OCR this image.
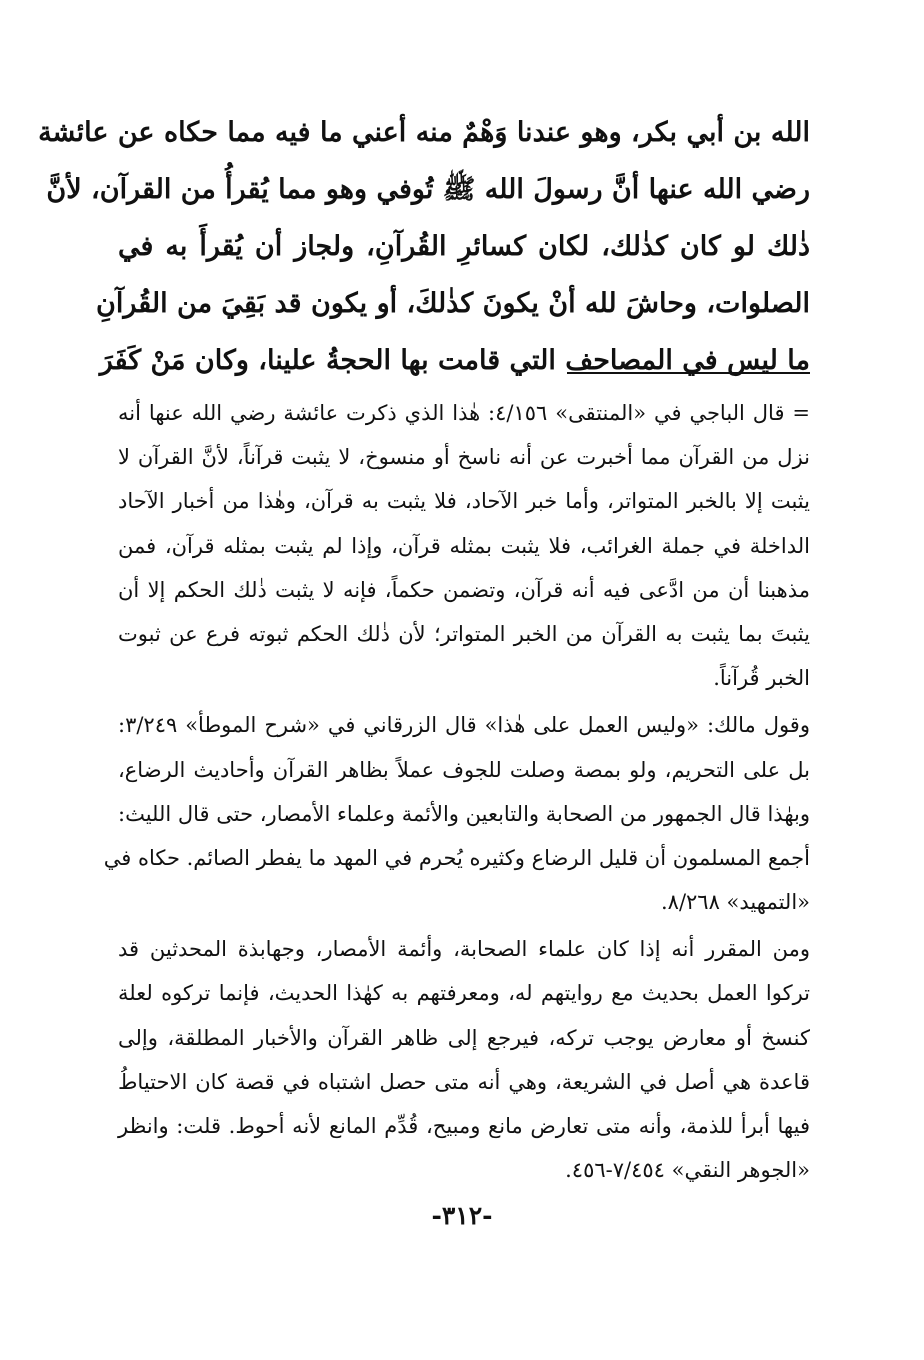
الله بن أبي بكر، وهو عندنا وَهْمٌ منه أعني ما فيه مما حكاه عن عائشة
رضي الله عنها أنَّ رسولَ الله ﷺ تُوفي وهو مما يُقرأُ من القرآن، لأنَّ
ذٰلك لو كان كذٰلك، لكان كسائرِ القُرآنِ، ولجاز أن يُقرأَ به في
الصلوات، وحاشَ لله أنْ يكونَ كذٰلكَ، أو يكون قد بَقِيَ من القُرآنِ
ما ليس في المصاحف التي قامت بها الحجةُ علينا، وكان مَنْ كَفَرَ
= قال الباجي في «المنتقى» ٤/١٥٦: هٰذا الذي ذكرت عائشة رضي الله عنها أنه
نزل من القرآن مما أخبرت عن أنه ناسخ أو منسوخ، لا يثبت قرآناً، لأنَّ القرآن لا
يثبت إلا بالخبر المتواتر، وأما خبر الآحاد، فلا يثبت به قرآن، وهٰذا من أخبار الآحاد
الداخلة في جملة الغرائب، فلا يثبت بمثله قرآن، وإذا لم يثبت بمثله قرآن، فمن
مذهبنا أن من ادَّعى فيه أنه قرآن، وتضمن حكماً، فإنه لا يثبت ذٰلك الحكم إلا أن
يثبتَ بما يثبت به القرآن من الخبر المتواتر؛ لأن ذٰلك الحكم ثبوته فرع عن ثبوت
الخبر قُرآناً.
وقول مالك: «وليس العمل على هٰذا» قال الزرقاني في «شرح الموطأ» ٣/٢٤٩:
بل على التحريم، ولو بمصة وصلت للجوف عملاً بظاهر القرآن وأحاديث الرضاع،
وبهٰذا قال الجمهور من الصحابة والتابعين والأئمة وعلماء الأمصار، حتى قال الليث:
أجمع المسلمون أن قليل الرضاع وكثيره يُحرم في المهد ما يفطر الصائم. حكاه في
«التمهيد» ٨/٢٦٨.
ومن المقرر أنه إذا كان علماء الصحابة، وأئمة الأمصار، وجهابذة المحدثين قد
تركوا العمل بحديث مع روايتهم له، ومعرفتهم به كهٰذا الحديث، فإنما تركوه لعلة
كنسخ أو معارض يوجب تركه، فيرجع إلى ظاهر القرآن والأخبار المطلقة، وإلى
قاعدة هي أصل في الشريعة، وهي أنه متى حصل اشتباه في قصة كان الاحتياطُ
فيها أبرأ للذمة، وأنه متى تعارض مانع ومبيح، قُدِّم المانع لأنه أحوط. قلت: وانظر
«الجوهر النقي» ٧/٤٥٤-٤٥٦.
-٣١٢-
